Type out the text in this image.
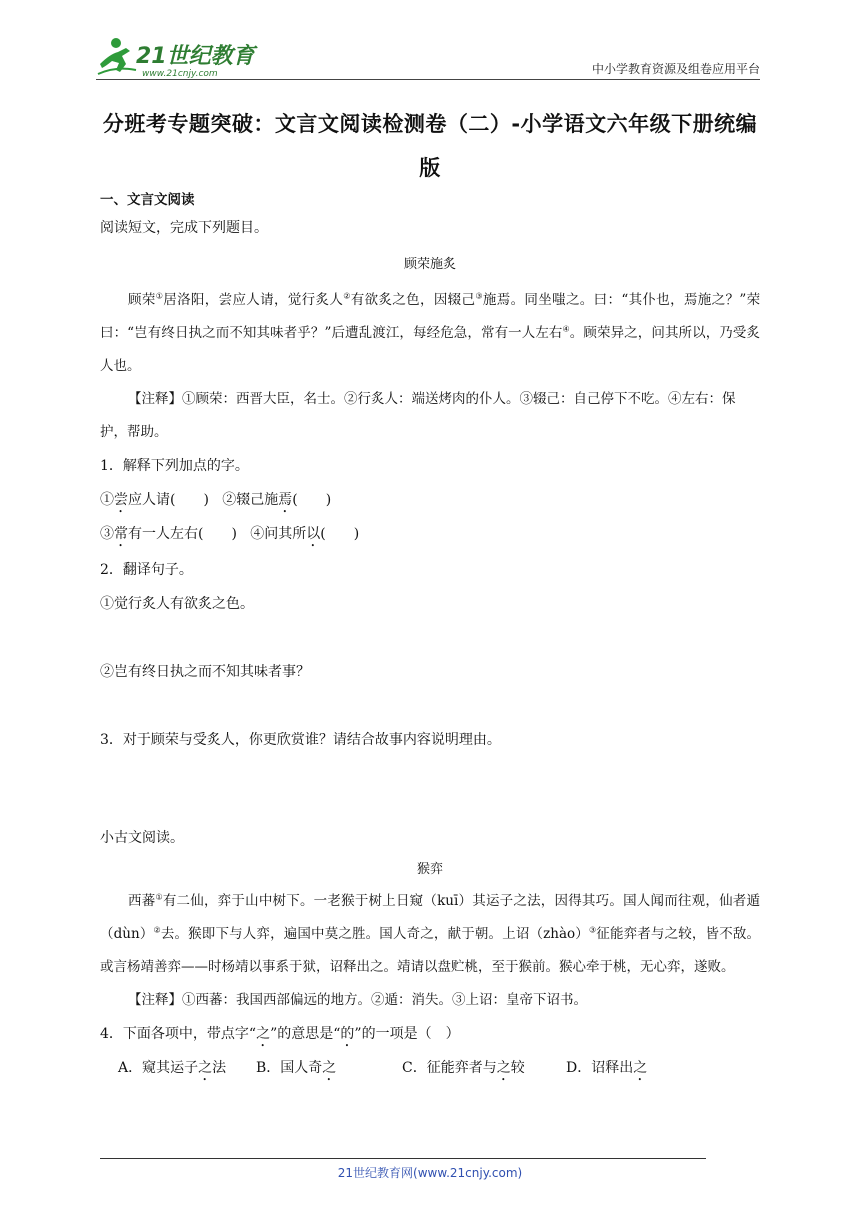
21世纪教育
www.21cnjy.com	中小学教育资源及组卷应用平台
分班考专题突破：文言文阅读检测卷（二）-小学语文六年级下册统编
版
一、文言文阅读
阅读短文，完成下列题目。
顾荣施炙
顾荣①居洛阳，尝应人请，觉行炙人②有欲炙之色，因辍己③施焉。同坐嗤之。曰：“其仆也，焉施之？”荣曰：“岂有终日执之而不知其味者乎？”后遭乱渡江，每经危急，常有一人左右④。顾荣异之，问其所以，乃受炙人也。
【注释】①顾荣：西晋大臣，名士。②行炙人：端送烤肉的仆人。③辍己：自己停下不吃。④左右：保护，帮助。
1．解释下列加点的字。
①尝应人请(　　) ②辍己施焉(　　)
③常有一人左右(　　) ④问其所以(　　)
2．翻译句子。
①觉行炙人有欲炙之色。
②岂有终日执之而不知其味者事？
3．对于顾荣与受炙人，你更欣赏谁？请结合故事内容说明理由。
小古文阅读。
猴弈
西蕃①有二仙，弈于山中树下。一老猴于树上日窥（kuī）其运子之法，因得其巧。国人闻而往观，仙者遁（dùn）②去。猴即下与人弈，遍国中莫之胜。国人奇之，献于朝。上诏（zhào）③征能弈者与之较，皆不敌。或言杨靖善弈——时杨靖以事系于狱，诏释出之。靖请以盘贮桃，至于猴前。猴心牵于桃，无心弈，遂败。
【注释】①西蕃：我国西部偏远的地方。②遁：消失。③上诏：皇帝下诏书。
4．下面各项中，带点字“之”的意思是“的”的一项是（　）
A．窥其运子之法 B．国人奇之	C．征能弈者与之较	D．诏释出之
21世纪教育网(www.21cnjy.com)
